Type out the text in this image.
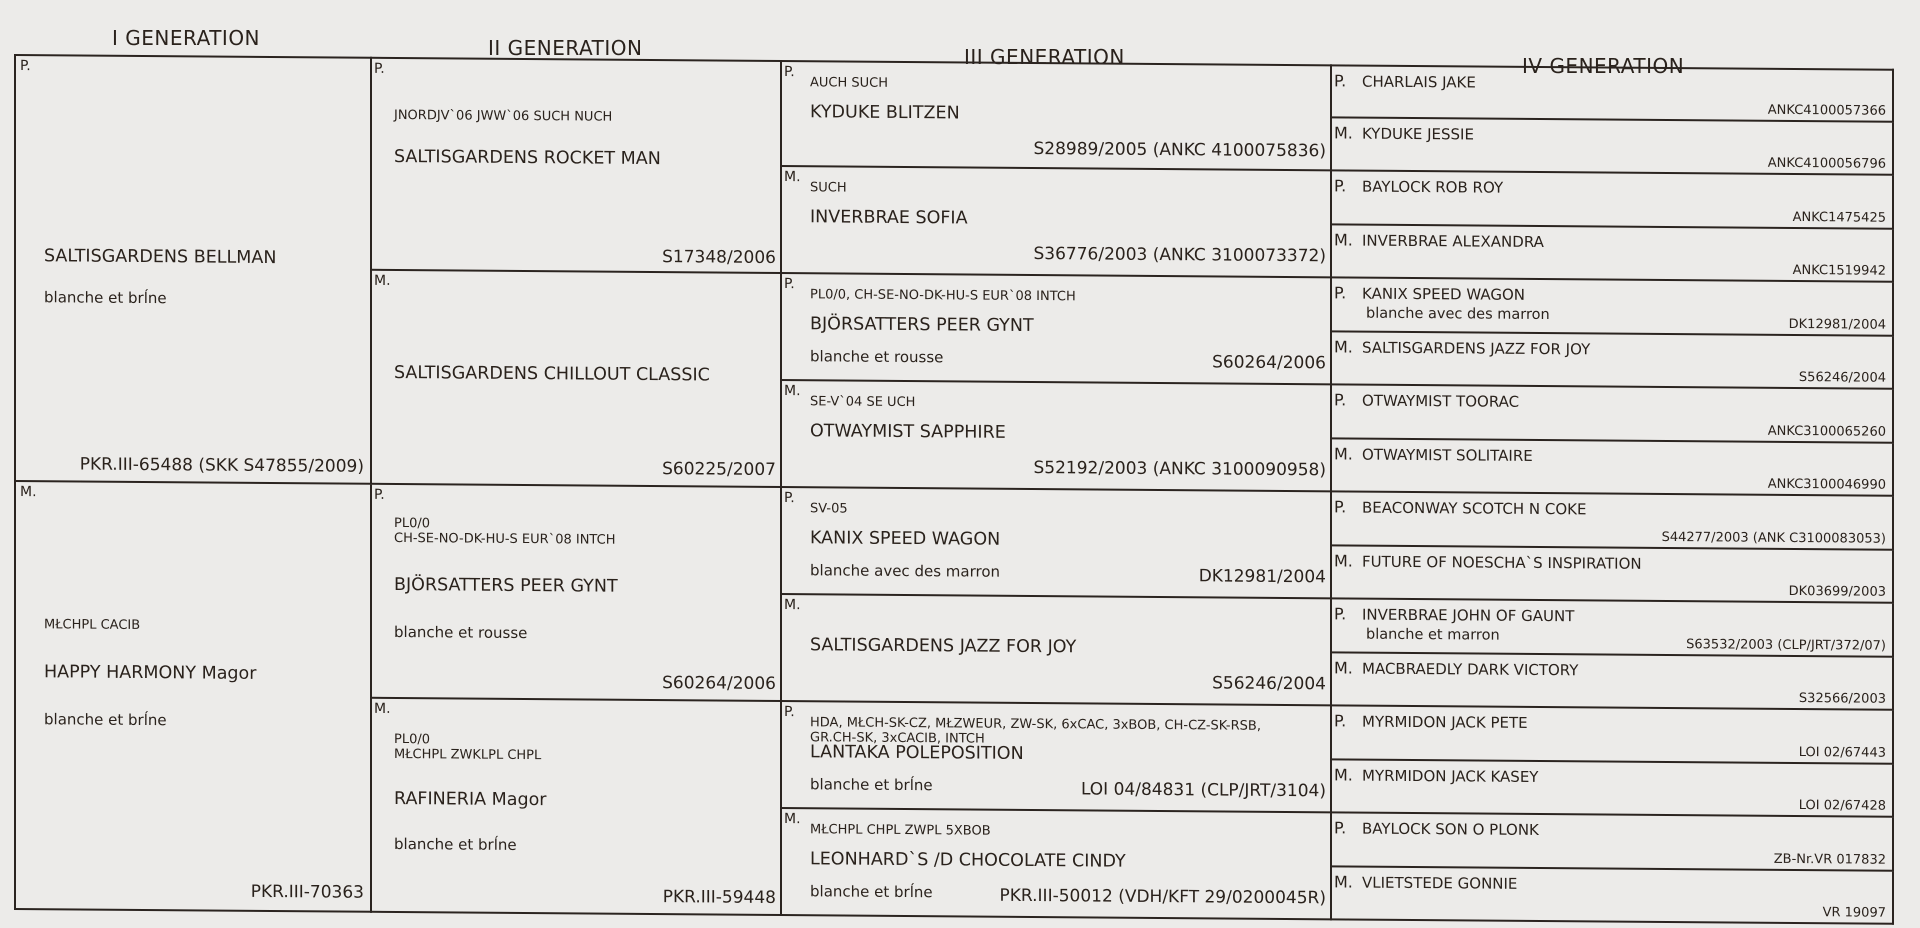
I GENERATION	II GENERATION	III GENERATION	IV GENERATION
P.
SALTISGARDENS BELLMAN
blanche et brĺne
PKR.III-65488 (SKK S47855/2009)
M.
MŁCHPL CACIB
HAPPY HARMONY Magor
blanche et brĺne
PKR.III-70363
P.
JNORDJV`06 JWW`06 SUCH NUCH
SALTISGARDENS ROCKET MAN
S17348/2006
M.
SALTISGARDENS CHILLOUT CLASSIC
S60225/2007
P.
PL0/0
CH-SE-NO-DK-HU-S EUR`08 INTCH
BJÖRSATTERS PEER GYNT
blanche et rousse
S60264/2006
M.
PL0/0
MŁCHPL ZWKLPL CHPL
RAFINERIA Magor
blanche et brĺne
PKR.III-59448
P.
AUCH SUCH
KYDUKE BLITZEN
S28989/2005 (ANKC 4100075836)
M.
SUCH
INVERBRAE SOFIA
S36776/2003 (ANKC 3100073372)
P.
PL0/0, CH-SE-NO-DK-HU-S EUR`08 INTCH
BJÖRSATTERS PEER GYNT
blanche et rousse	S60264/2006
M.
SE-V`04 SE UCH
OTWAYMIST SAPPHIRE
S52192/2003 (ANKC 3100090958)
P.
SV-05
KANIX SPEED WAGON
blanche avec des marron	DK12981/2004
M.
SALTISGARDENS JAZZ FOR JOY
S56246/2004
P.
HDA, MŁCH-SK-CZ, MŁZWEUR, ZW-SK, 6xCAC, 3xBOB, CH-CZ-SK-RSB,
GR.CH-SK, 3xCACIB, INTCH
LANTAKA POLEPOSITION
blanche et brĺne	LOI 04/84831 (CLP/JRT/3104)
M.
MŁCHPL CHPL ZWPL 5XBOB
LEONHARD`S /D CHOCOLATE CINDY
blanche et brĺne	PKR.III-50012 (VDH/KFT 29/0200045R)
P. CHARLAIS JAKE
ANKC4100057366
M. KYDUKE JESSIE
ANKC4100056796
P. BAYLOCK ROB ROY
ANKC1475425
M. INVERBRAE ALEXANDRA
ANKC1519942
P. KANIX SPEED WAGON
blanche avec des marron
DK12981/2004
M. SALTISGARDENS JAZZ FOR JOY
S56246/2004
P. OTWAYMIST TOORAC
ANKC3100065260
M. OTWAYMIST SOLITAIRE
ANKC3100046990
P. BEACONWAY SCOTCH N COKE
S44277/2003 (ANK C3100083053)
M. FUTURE OF NOESCHA`S INSPIRATION
DK03699/2003
P. INVERBRAE JOHN OF GAUNT
blanche et marron
S63532/2003 (CLP/JRT/372/07)
M. MACBRAEDLY DARK VICTORY
S32566/2003
P. MYRMIDON JACK PETE
LOI 02/67443
M. MYRMIDON JACK KASEY
LOI 02/67428
P. BAYLOCK SON O PLONK
ZB-Nr.VR 017832
M. VLIETSTEDE GONNIE
VR 19097
